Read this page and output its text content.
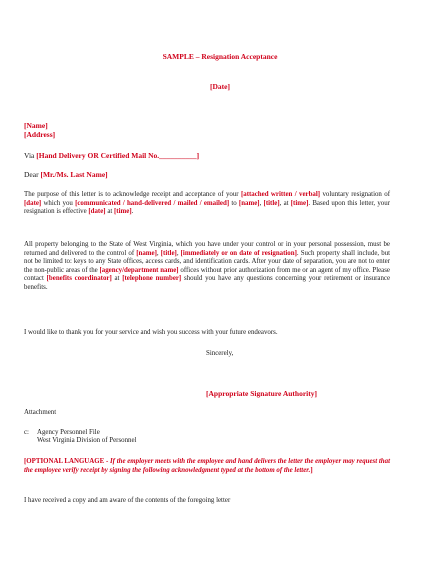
SAMPLE – Resignation Acceptance

[Date]

[Name]
[Address]

Via [Hand Delivery OR Certified Mail No.__________]

Dear [Mr./Ms. Last Name]

The purpose of this letter is to acknowledge receipt and acceptance of your [attached written / verbal] voluntary resignation of [date] which you [communicated / hand-delivered / mailed / emailed] to [name], [title], at [time]. Based upon this letter, your resignation is effective [date] at [time].

All property belonging to the State of West Virginia, which you have under your control or in your personal possession, must be returned and delivered to the control of [name], [title], [immediately or on date of resignation]. Such property shall include, but not be limited to: keys to any State offices, access cards, and identification cards. After your date of separation, you are not to enter the non-public areas of the [agency/department name] offices without prior authorization from me or an agent of my office. Please contact [benefits coordinator] at [telephone number] should you have any questions concerning your retirement or insurance benefits.

I would like to thank you for your service and wish you success with your future endeavors.

Sincerely,

[Appropriate Signature Authority]

Attachment

c: Agency Personnel File
West Virginia Division of Personnel

[OPTIONAL LANGUAGE - If the employer meets with the employee and hand delivers the letter the employer may request that the employee verify receipt by signing the following acknowledgment typed at the bottom of the letter.]

I have received a copy and am aware of the contents of the foregoing letter
